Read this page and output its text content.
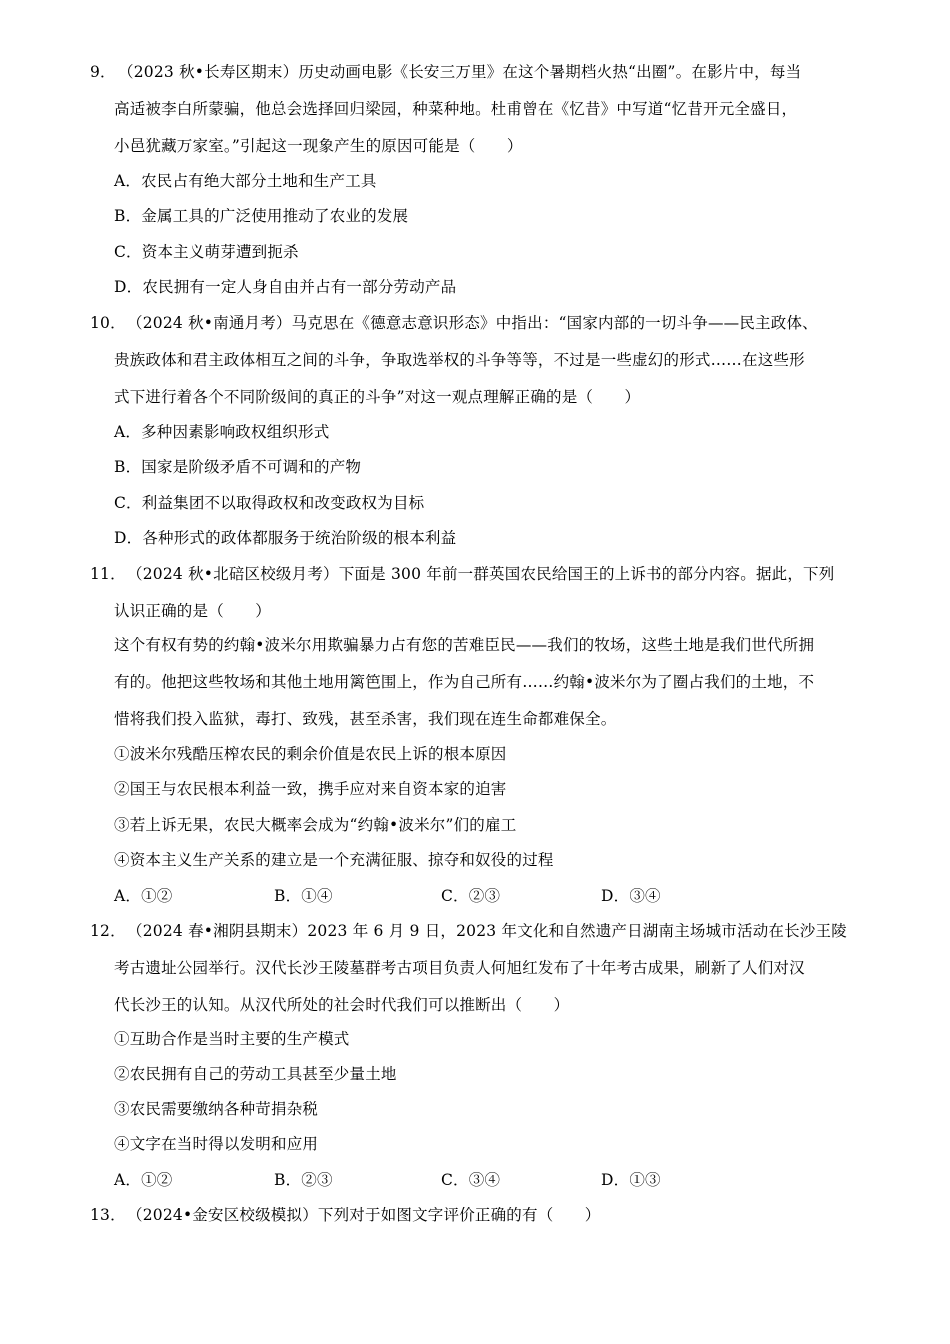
9． （2023 秋•长寿区期末）历史动画电影《长安三万里》在这个暑期档火热“出圈”。在影片中，每当
高适被李白所蒙骗，他总会选择回归梁园，种菜种地。杜甫曾在《忆昔》中写道“忆昔开元全盛日，
小邑犹藏万家室。”引起这一现象产生的原因可能是（　　）
A．农民占有绝大部分土地和生产工具
B．金属工具的广泛使用推动了农业的发展
C．资本主义萌芽遭到扼杀
D．农民拥有一定人身自由并占有一部分劳动产品
10． （2024 秋•南通月考）马克思在《德意志意识形态》中指出：“国家内部的一切斗争——民主政体、
贵族政体和君主政体相互之间的斗争，争取选举权的斗争等等，不过是一些虚幻的形式……在这些形
式下进行着各个不同阶级间的真正的斗争”对这一观点理解正确的是（　　）
A．多种因素影响政权组织形式
B．国家是阶级矛盾不可调和的产物
C．利益集团不以取得政权和改变政权为目标
D．各种形式的政体都服务于统治阶级的根本利益
11． （2024 秋•北碚区校级月考）下面是 300 年前一群英国农民给国王的上诉书的部分内容。据此，下列
认识正确的是（　　）
这个有权有势的约翰•波米尔用欺骗暴力占有您的苦难臣民——我们的牧场，这些土地是我们世代所拥
有的。他把这些牧场和其他土地用篱笆围上，作为自己所有……约翰•波米尔为了圈占我们的土地，不
惜将我们投入监狱，毒打、致残，甚至杀害，我们现在连生命都难保全。
①波米尔残酷压榨农民的剩余价值是农民上诉的根本原因
②国王与农民根本利益一致，携手应对来自资本家的迫害
③若上诉无果，农民大概率会成为“约翰•波米尔”们的雇工
④资本主义生产关系的建立是一个充满征服、掠夺和奴役的过程
A．①②	B．①④	C．②③	D．③④
12． （2024 春•湘阴县期末）2023 年 6 月 9 日，2023 年文化和自然遗产日湖南主场城市活动在长沙王陵
考古遗址公园举行。汉代长沙王陵墓群考古项目负责人何旭红发布了十年考古成果，刷新了人们对汉
代长沙王的认知。从汉代所处的社会时代我们可以推断出（　　）
①互助合作是当时主要的生产模式
②农民拥有自己的劳动工具甚至少量土地
③农民需要缴纳各种苛捐杂税
④文字在当时得以发明和应用
A．①②	B．②③	C．③④	D．①③
13． （2024•金安区校级模拟）下列对于如图文字评价正确的有（　　）
